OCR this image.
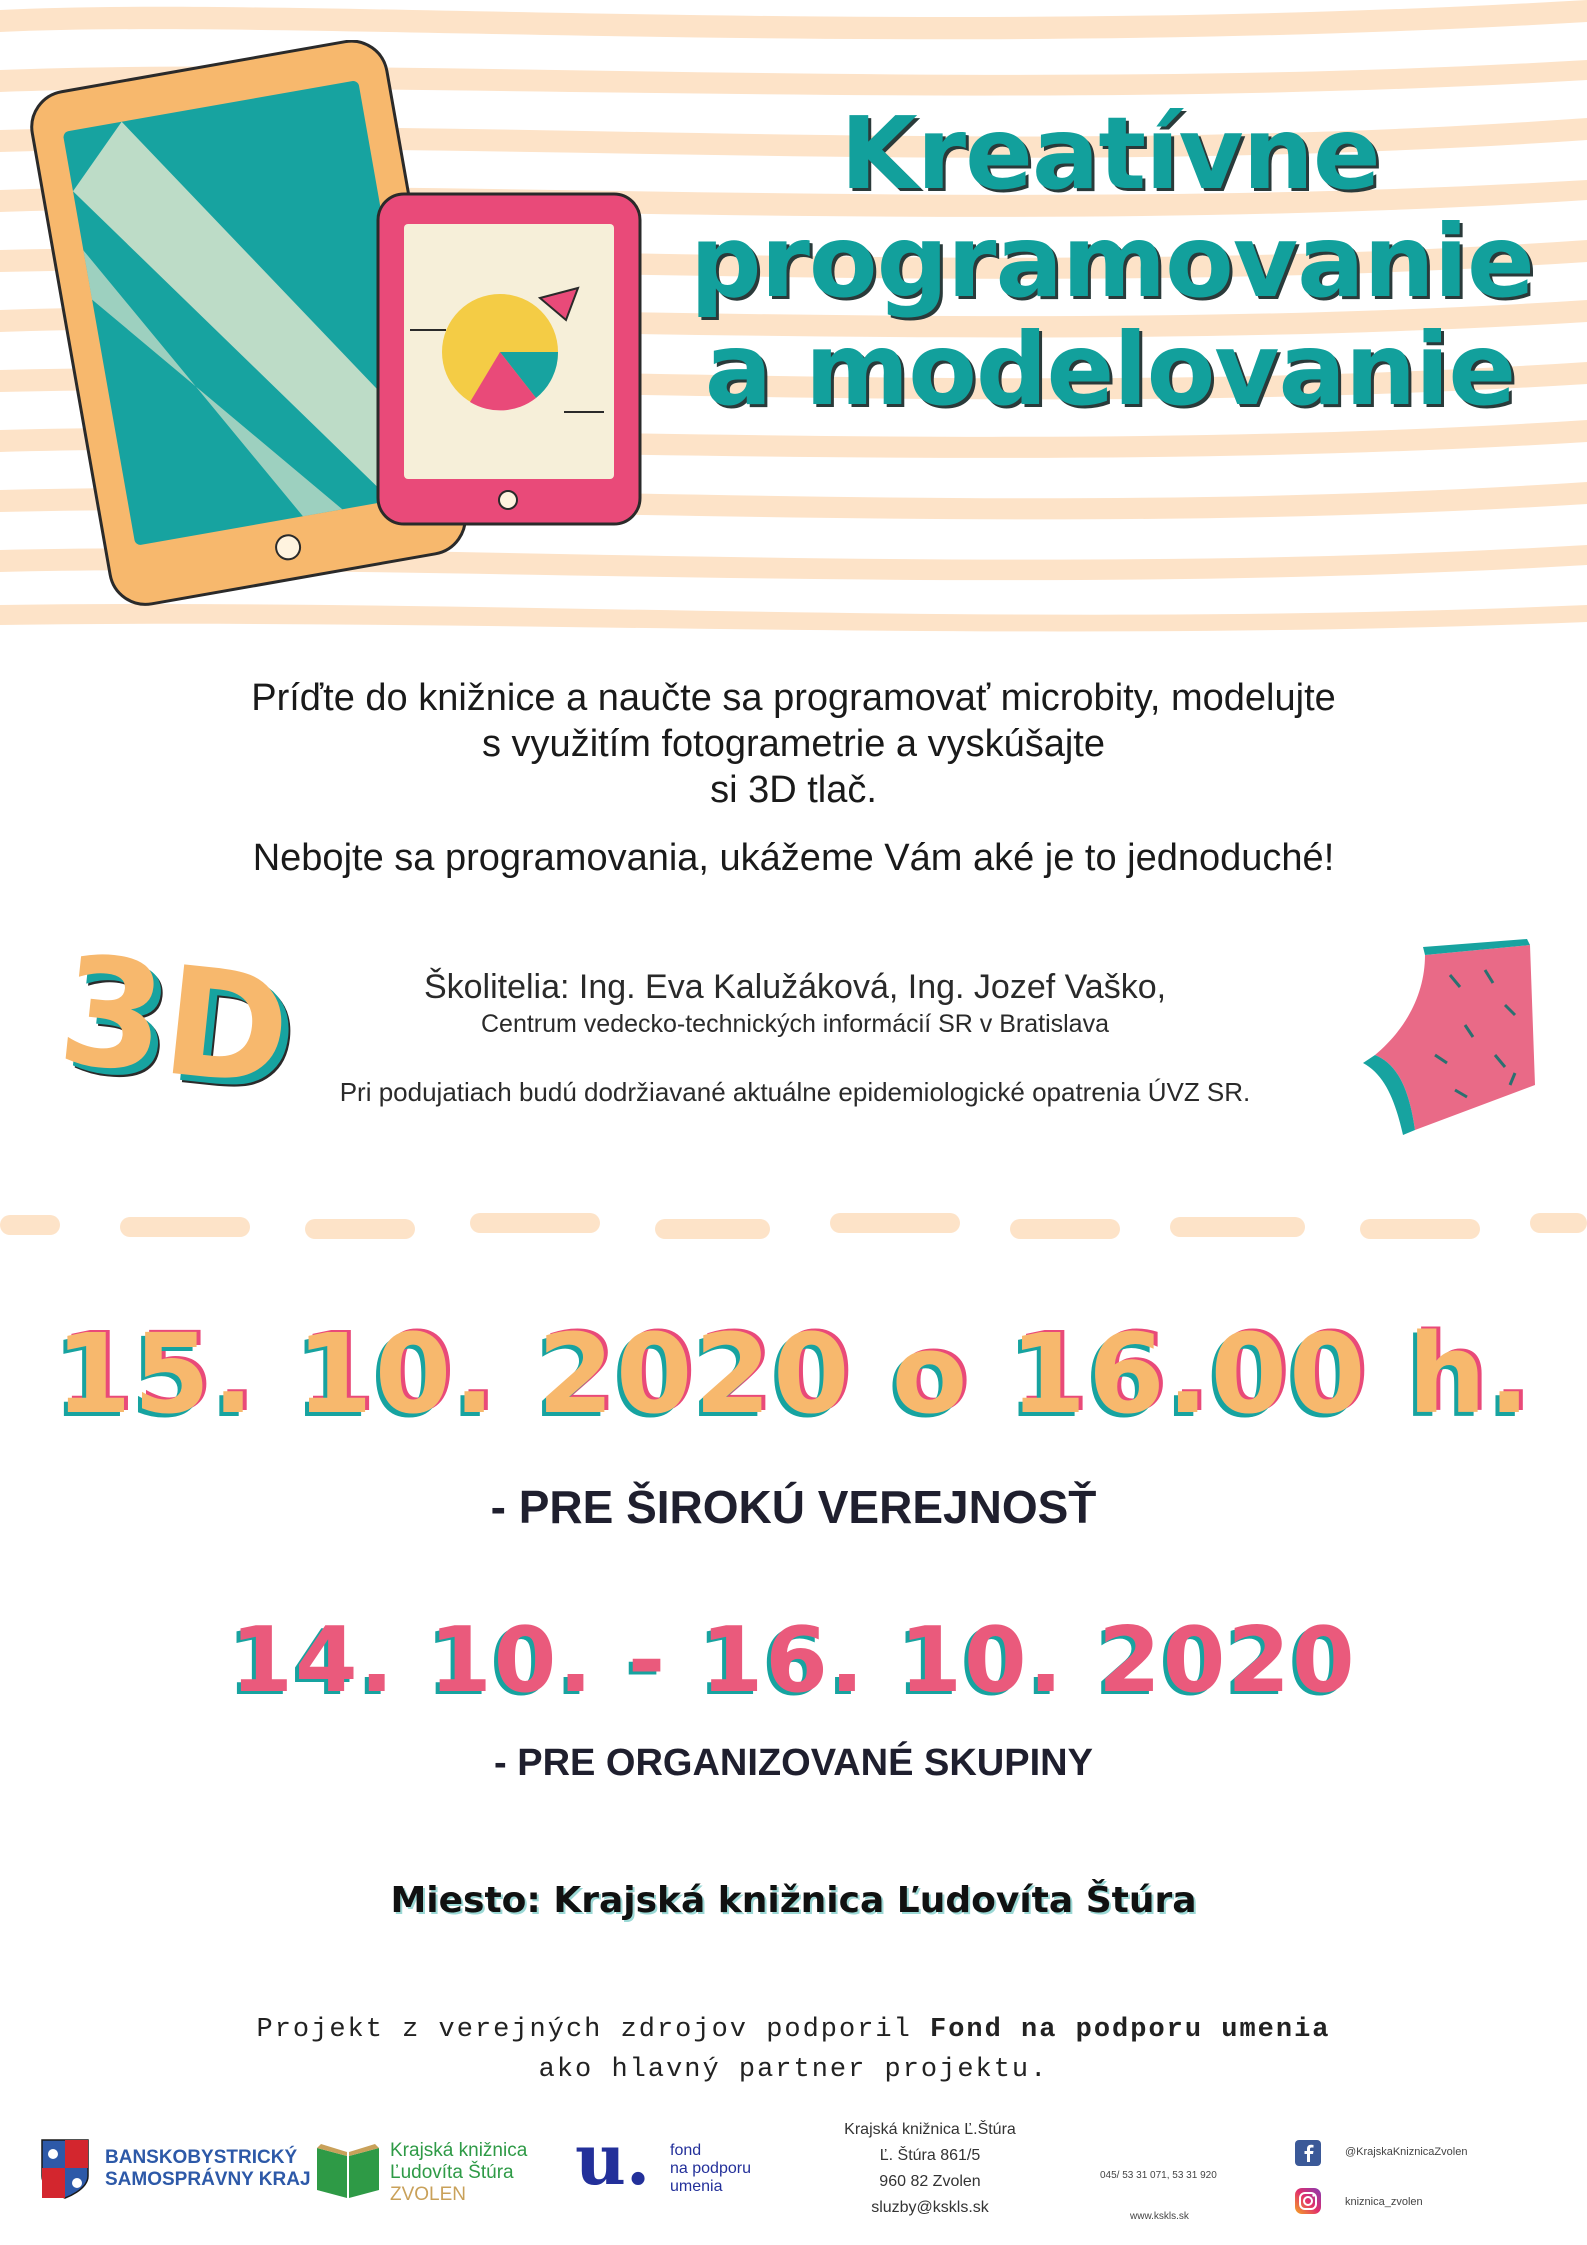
Kreatívne
programovanie
a modelovanie
Príďte do knižnice a naučte sa programovať microbity, modelujte
s využitím fotogrametrie a vyskúšajte
si 3D tlač.
Nebojte sa programovania, ukážeme Vám aké je to jednoduché!
3D	Školitelia: Ing. Eva Kalužáková, Ing. Jozef Vaško,
Centrum vedecko-technických informácií SR v Bratislava
Pri podujatiach budú dodržiavané aktuálne epidemiologické opatrenia ÚVZ SR.
15. 10. 2020 o 16.00 h.
- PRE ŠIROKÚ VEREJNOSŤ
14. 10. - 16. 10. 2020
- PRE ORGANIZOVANÉ SKUPINY
Miesto: Krajská knižnica Ľudovíta Štúra
Projekt z verejných zdrojov podporil Fond na podporu umenia
ako hlavný partner projektu.
BANSKOBYSTRICKÝ
SAMOSPRÁVNY KRAJ
Krajská knižnica
Ľudovíta Štúra
ZVOLEN	u. fond
na podporu
umenia
Krajská knižnica Ľ.Štúra
Ľ. Štúra 861/5
960 82 Zvolen
sluzby@kskls.sk
045/ 53 31 071, 53 31 920
www.kskls.sk
@KrajskaKniznicaZvolen
kniznica_zvolen
